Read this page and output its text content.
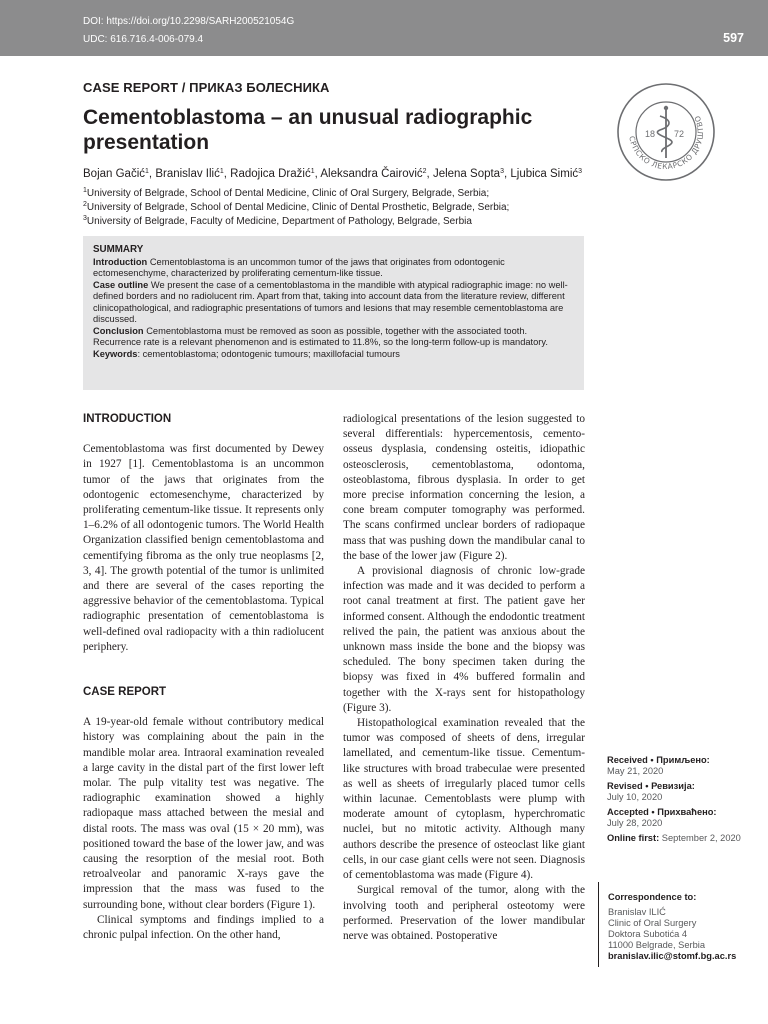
DOI: https://doi.org/10.2298/SARH200521054G
UDC: 616.716.4-006-079.4	597
CASE REPORT / ПРИКАЗ БОЛЕСНИКА
Cementoblastoma – an unusual radiographic presentation	СРПСКО ЛЕКАРСКО ДРУШТВО
18 72
Bojan Gačić$^1$, Branislav Ilić$^1$, Radojica Dražić$^1$, Aleksandra Čairović$^2$, Jelena Sopta$^3$, Ljubica Simić$^3$
$^1$University of Belgrade, School of Dental Medicine, Clinic of Oral Surgery, Belgrade, Serbia;
$^2$University of Belgrade, School of Dental Medicine, Clinic of Dental Prosthetic, Belgrade, Serbia;
$^3$University of Belgrade, Faculty of Medicine, Department of Pathology, Belgrade, Serbia
SUMMARY

Introduction Cementoblastoma is an uncommon tumor of the jaws that originates from odontogenic ectomesenchyme, characterized by proliferating cementum-like tissue.

Case outline We present the case of a cementoblastoma in the mandible with atypical radiographic image: no well-defined borders and no radiolucent rim. Apart from that, taking into account data from the literature review, different clinicopathological, and radiographic presentations of tumors and lesions that may resemble cementoblastoma are discussed.

Conclusion Cementoblastoma must be removed as soon as possible, together with the associated tooth. Recurrence rate is a relevant phenomenon and is estimated to 11.8%, so the long-term follow-up is mandatory.

Keywords: cementoblastoma; odontogenic tumours; maxillofacial tumours

INTRODUCTION

Cementoblastoma was first documented by Dewey in 1927 [1]. Cementoblastoma is an uncommon tumor of the jaws that originates from the odontogenic ectomesenchyme, characterized by proliferating cementum-like tissue. It represents only 1–6.2% of all odontogenic tumors. The World Health Organization classified benign cementoblastoma and cementifying fibroma as the only true neoplasms [2, 3, 4]. The growth potential of the tumor is unlimited and there are several of the cases reporting the aggressive behavior of the cementoblastoma. Typical radiographic presentation of cementoblastoma is well-defined oval radiopacity with a thin radiolucent periphery.

CASE REPORT

A 19-year-old female without contributory medical history was complaining about the pain in the mandible molar area. Intraoral examination revealed a large cavity in the distal part of the first lower left molar. The pulp vitality test was negative. The radiographic examination showed a highly radiopaque mass attached between the mesial and distal roots. The mass was oval (15 × 20 mm), was positioned toward the base of the lower jaw, and was causing the resorption of the mesial root. Both retroalveolar and panoramic X-rays gave the impression that the mass was fused to the surrounding bone, without clear borders (Figure 1).

Clinical symptoms and findings implied to a chronic pulpal infection. On the other hand,

radiological presentations of the lesion suggested to several differentials: hypercementosis, cemento-osseus dysplasia, condensing osteitis, idiopathic osteosclerosis, cementoblastoma, odontoma, osteoblastoma, fibrous dysplasia. In order to get more precise information concerning the lesion, a cone bream computer tomography was performed. The scans confirmed unclear borders of radiopaque mass that was pushing down the mandibular canal to the base of the lower jaw (Figure 2).

A provisional diagnosis of chronic low-grade infection was made and it was decided to perform a root canal treatment at first. The patient gave her informed consent. Although the endodontic treatment relived the pain, the patient was anxious about the unknown mass inside the bone and the biopsy was scheduled. The bony specimen taken during the biopsy was fixed in 4% buffered formalin and together with the X-rays sent for histopathology (Figure 3).

Histopathological examination revealed that the tumor was composed of sheets of dens, irregular lamellated, and cementum-like tissue. Cementum-like structures with broad trabeculae were presented as well as sheets of irregularly placed tumor cells within lacunae. Cementoblasts were plump with moderate amount of cytoplasm, hyperchromatic nuclei, but no mitotic activity. Although many authors describe the presence of osteoclast like giant cells, in our case giant cells were not seen. Diagnosis of cementoblastoma was made (Figure 4).

Surgical removal of the tumor, along with the involving tooth and peripheral osteotomy were performed. Preservation of the lower mandibular nerve was obtained. Postoperative

Received • Примљено:
May 21, 2020
Revised • Ревизија:
July 10, 2020
Accepted • Прихваћено:
July 28, 2020
Online first: September 2, 2020
Correspondence to:
Branislav ILIĆ
Clinic of Oral Surgery
Doktora Subotića 4
11000 Belgrade, Serbia
branislav.ilic@stomf.bg.ac.rs
